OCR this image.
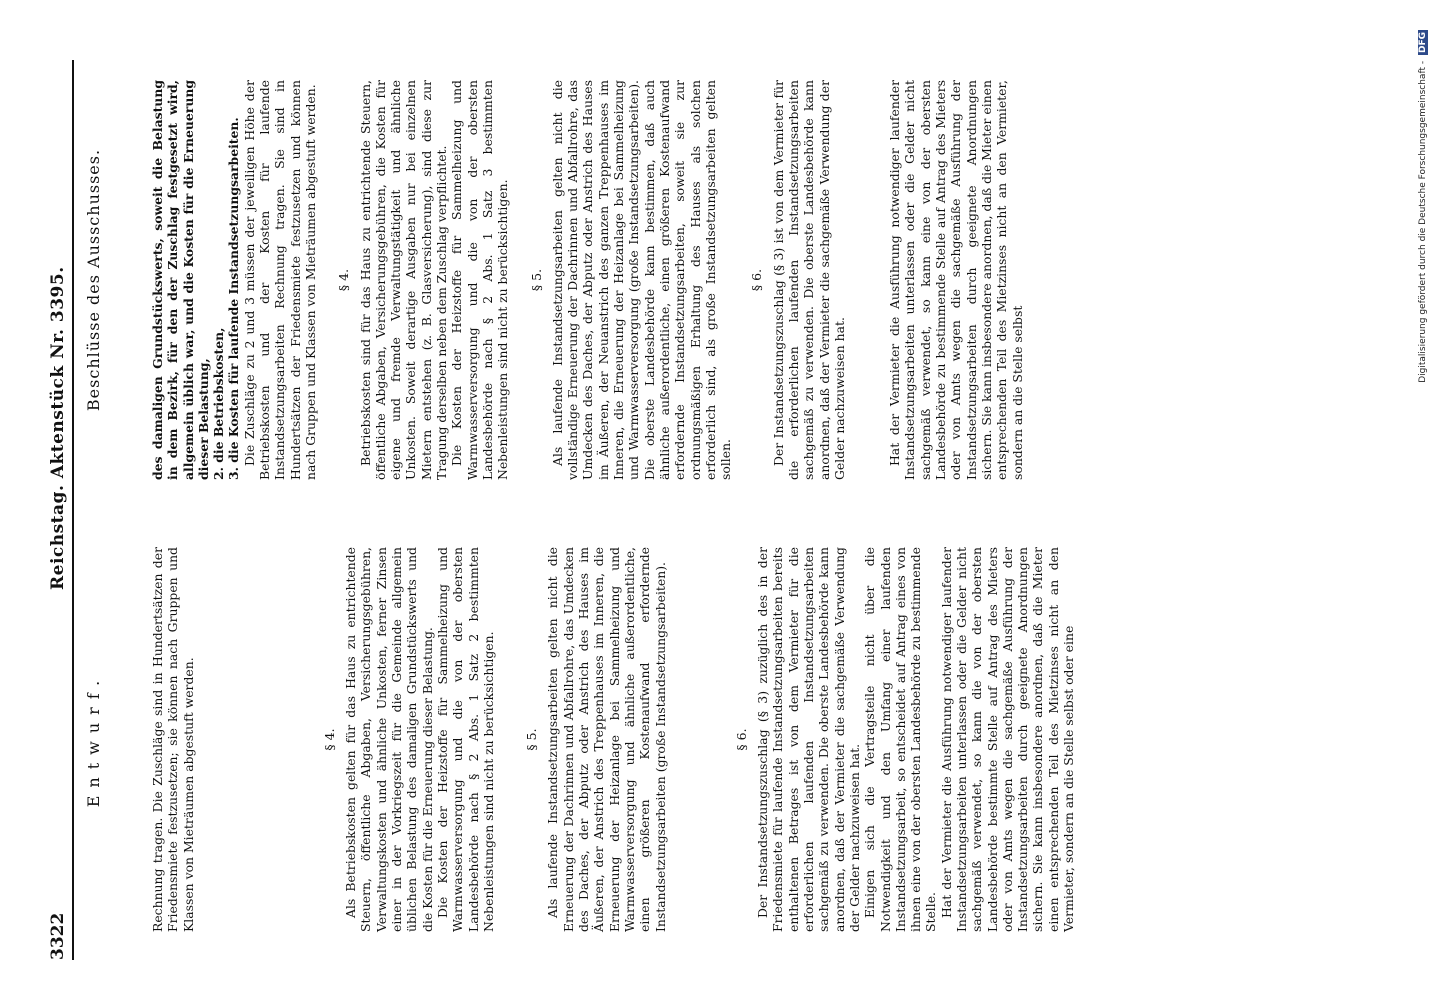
3322
Reichstag. Aktenstück Nr. 3395.
Entwurf.
Beschlüsse des Ausschusses.

Rechnung tragen. Die Zuschläge sind in Hundertsätzen der Friedensmiete festzusetzen; sie können nach Gruppen und Klassen von Mieträumen abgestuft werden.	§ 4. Als Betriebskosten gelten für das Haus zu entrichtende Steuern, öffentliche Abgaben, Versicherungsgebühren, Verwaltungskosten und ähnliche Unkosten, ferner Zinsen einer in der Vorkriegszeit für die Gemeinde allgemein üblichen Belastung des damaligen Grundstückswerts und die Kosten für die Erneuerung dieser Belastung. Die Kosten der Heizstoffe für Sammelheizung und Warmwasserversorgung und die von der obersten Landesbehörde nach § 2 Abs. 1 Satz 2 bestimmten Nebenleistungen sind nicht zu berücksichtigen. § 5. Als laufende Instandsetzungsarbeiten gelten nicht die Erneuerung der Dachrinnen und Abfallrohre, das Umdecken des Daches, der Abputz oder Anstrich des Hauses im Äußeren, der Anstrich des Treppenhauses im Inneren, die Erneuerung der Heizanlage bei Sammelheizung und Warmwasserversorgung und ähnliche außerordentliche, einen größeren Kostenaufwand erfordernde Instandsetzungsarbeiten (große Instandsetzungsarbeiten).	§ 6. Der Instandsetzungszuschlag (§ 3) zuzüglich des in der Friedensmiete für laufende Instandsetzungsarbeiten bereits enthaltenen Betrages ist von dem Vermieter für die erforderlichen laufenden Instandsetzungsarbeiten sachgemäß zu verwenden. Die oberste Landesbehörde kann anordnen, daß der Vermieter die sachgemäße Verwendung der Gelder nachzuweisen hat. Einigen sich die Vertragsteile nicht über die Notwendigkeit und den Umfang einer laufenden Instandsetzungsarbeit, so entscheidet auf Antrag eines von ihnen eine von der obersten Landesbehörde zu bestimmende Stelle. Hat der Vermieter die Ausführung notwendiger laufender Instandsetzungsarbeiten unterlassen oder die Gelder nicht sachgemäß verwendet, so kann die von der obersten Landesbehörde bestimmte Stelle auf Antrag des Mieters oder von Amts wegen die sachgemäße Ausführung der Instandsetzungsarbeiten durch geeignete Anordnungen sichern. Sie kann insbesondere anordnen, daß die Mieter einen entsprechenden Teil des Mietzinses nicht an den Vermieter, sondern an die Stelle selbst oder eine

des damaligen Grundstückswerts, soweit die Belastung in dem Bezirk, für den der Zuschlag festgesetzt wird, allgemein üblich war, und die Kosten für die Erneuerung dieser Belastung, 2. die Betriebskosten, 3. die Kosten für laufende Instandsetzungsarbeiten. Die Zuschläge zu 2 und 3 müssen der jeweiligen Höhe der Betriebskosten und der Kosten für laufende Instandsetzungsarbeiten Rechnung tragen. Sie sind in Hundertsätzen der Friedensmiete festzusetzen und können nach Gruppen und Klassen von Mieträumen abgestuft werden. § 4. Betriebskosten sind für das Haus zu entrichtende Steuern, öffentliche Abgaben, Versicherungsgebühren, die Kosten für eigene und fremde Verwaltungstätigkeit und ähnliche Unkosten. Soweit derartige Ausgaben nur bei einzelnen Mietern entstehen (z. B. Glasversicherung), sind diese zur Tragung derselben neben dem Zuschlag verpflichtet. Die Kosten der Heizstoffe für Sammelheizung und Warmwasserversorgung und die von der obersten Landesbehörde nach § 2 Abs. 1 Satz 3 bestimmten Nebenleistungen sind nicht zu berücksichtigen. § 5. Als laufende Instandsetzungsarbeiten gelten nicht die vollständige Erneuerung der Dachrinnen und Abfallrohre, das Umdecken des Daches, der Abputz oder Anstrich des Hauses im Äußeren, der Neuanstrich des ganzen Treppenhauses im Inneren, die Erneuerung der Heizanlage bei Sammelheizung und Warmwasserversorgung (große Instandsetzungsarbeiten). Die oberste Landesbehörde kann bestimmen, daß auch ähnliche außerordentliche, einen größeren Kostenaufwand erfordernde Instandsetzungsarbeiten, soweit sie zur ordnungsmäßigen Erhaltung des Hauses als solchen erforderlich sind, als große Instandsetzungsarbeiten gelten sollen.

§ 6. Der Instandsetzungszuschlag (§ 3) ist von dem Vermieter für die erforderlichen laufenden Instandsetzungsarbeiten sachgemäß zu verwenden. Die oberste Landesbehörde kann anordnen, daß der Vermieter die sachgemäße Verwendung der Gelder nachzuweisen hat.	Hat der Vermieter die Ausführung notwendiger laufender Instandsetzungsarbeiten unterlassen oder die Gelder nicht sachgemäß verwendet, so kann eine von der obersten Landesbehörde zu bestimmende Stelle auf Antrag des Mieters oder von Amts wegen die sachgemäße Ausführung der Instandsetzungsarbeiten durch geeignete Anordnungen sichern. Sie kann insbesondere anordnen, daß die Mieter einen entsprechenden Teil des Mietzinses nicht an den Vermieter, sondern an die Stelle selbst

Digitalisierung gefördert durch die Deutsche Forschungsgemeinschaft - DFG
